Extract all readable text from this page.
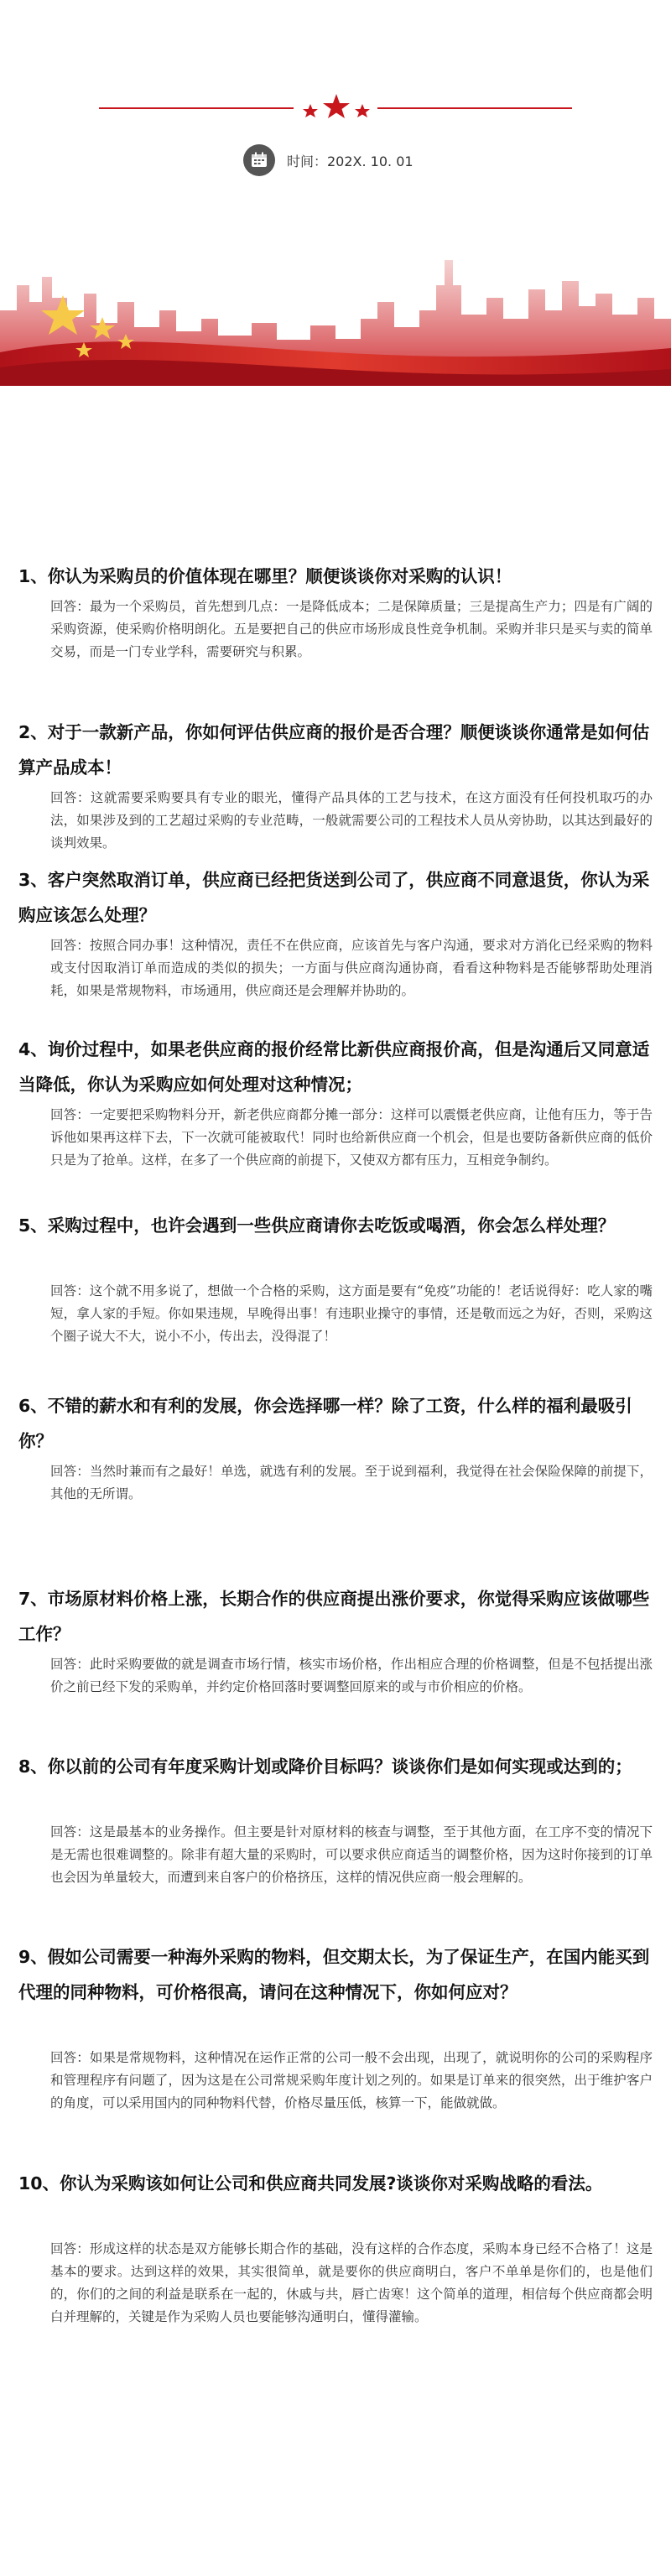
时间：202X. 10. 01
1、你认为采购员的价值体现在哪里？顺便谈谈你对采购的认识！
回答：最为一个采购员，首先想到几点：一是降低成本；二是保障质量；三是提高生产力；四是有广阔的采购资源，使采购价格明朗化。五是要把自己的供应市场形成良性竞争机制。采购并非只是买与卖的简单交易，而是一门专业学科，需要研究与积累。
2、对于一款新产品，你如何评估供应商的报价是否合理？顺便谈谈你通常是如何估算产品成本！
回答：这就需要采购要具有专业的眼光，懂得产品具体的工艺与技术，在这方面没有任何投机取巧的办法，如果涉及到的工艺超过采购的专业范畴，一般就需要公司的工程技术人员从旁协助，以其达到最好的谈判效果。
3、客户突然取消订单，供应商已经把货送到公司了，供应商不同意退货，你认为采购应该怎么处理？
回答：按照合同办事！这种情况，责任不在供应商，应该首先与客户沟通，要求对方消化已经采购的物料或支付因取消订单而造成的类似的损失；一方面与供应商沟通协商，看看这种物料是否能够帮助处理消耗，如果是常规物料，市场通用，供应商还是会理解并协助的。
4、询价过程中，如果老供应商的报价经常比新供应商报价高，但是沟通后又同意适当降低，你认为采购应如何处理对这种情况；
回答：一定要把采购物料分开，新老供应商都分摊一部分：这样可以震慑老供应商，让他有压力，等于告诉他如果再这样下去，下一次就可能被取代！同时也给新供应商一个机会，但是也要防备新供应商的低价只是为了抢单。这样，在多了一个供应商的前提下，又使双方都有压力，互相竞争制约。
5、采购过程中，也许会遇到一些供应商请你去吃饭或喝酒，你会怎么样处理？
回答：这个就不用多说了，想做一个合格的采购，这方面是要有“免疫”功能的！老话说得好：吃人家的嘴短，拿人家的手短。你如果违规，早晚得出事！有违职业操守的事情，还是敬而远之为好，否则，采购这个圈子说大不大，说小不小，传出去，没得混了！
6、不错的薪水和有利的发展，你会选择哪一样？除了工资，什么样的福利最吸引你？
回答：当然时兼而有之最好！单选，就选有利的发展。至于说到福利，我觉得在社会保险保障的前提下，其他的无所谓。
7、市场原材料价格上涨，长期合作的供应商提出涨价要求，你觉得采购应该做哪些工作？
回答：此时采购要做的就是调查市场行情，核实市场价格，作出相应合理的价格调整，但是不包括提出涨价之前已经下发的采购单，并约定价格回落时要调整回原来的或与市价相应的价格。
8、你以前的公司有年度采购计划或降价目标吗？谈谈你们是如何实现或达到的；
回答：这是最基本的业务操作。但主要是针对原材料的核查与调整，至于其他方面，在工序不变的情况下是无需也很难调整的。除非有超大量的采购时，可以要求供应商适当的调整价格，因为这时你接到的订单也会因为单量较大，而遭到来自客户的价格挤压，这样的情况供应商一般会理解的。
9、假如公司需要一种海外采购的物料，但交期太长，为了保证生产，在国内能买到代理的同种物料，可价格很高，请问在这种情况下，你如何应对？
回答：如果是常规物料，这种情况在运作正常的公司一般不会出现，出现了，就说明你的公司的采购程序和管理程序有问题了，因为这是在公司常规采购年度计划之列的。如果是订单来的很突然，出于维护客户的角度，可以采用国内的同种物料代替，价格尽量压低，核算一下，能做就做。
10、你认为采购该如何让公司和供应商共同发展?谈谈你对采购战略的看法。
回答：形成这样的状态是双方能够长期合作的基础，没有这样的合作态度，采购本身已经不合格了！这是基本的要求。达到这样的效果，其实很简单，就是要你的供应商明白，客户不单单是你们的，也是他们的，你们的之间的利益是联系在一起的，休戚与共，唇亡齿寒！这个简单的道理，相信每个供应商都会明白并理解的，关键是作为采购人员也要能够沟通明白，懂得灌输。
